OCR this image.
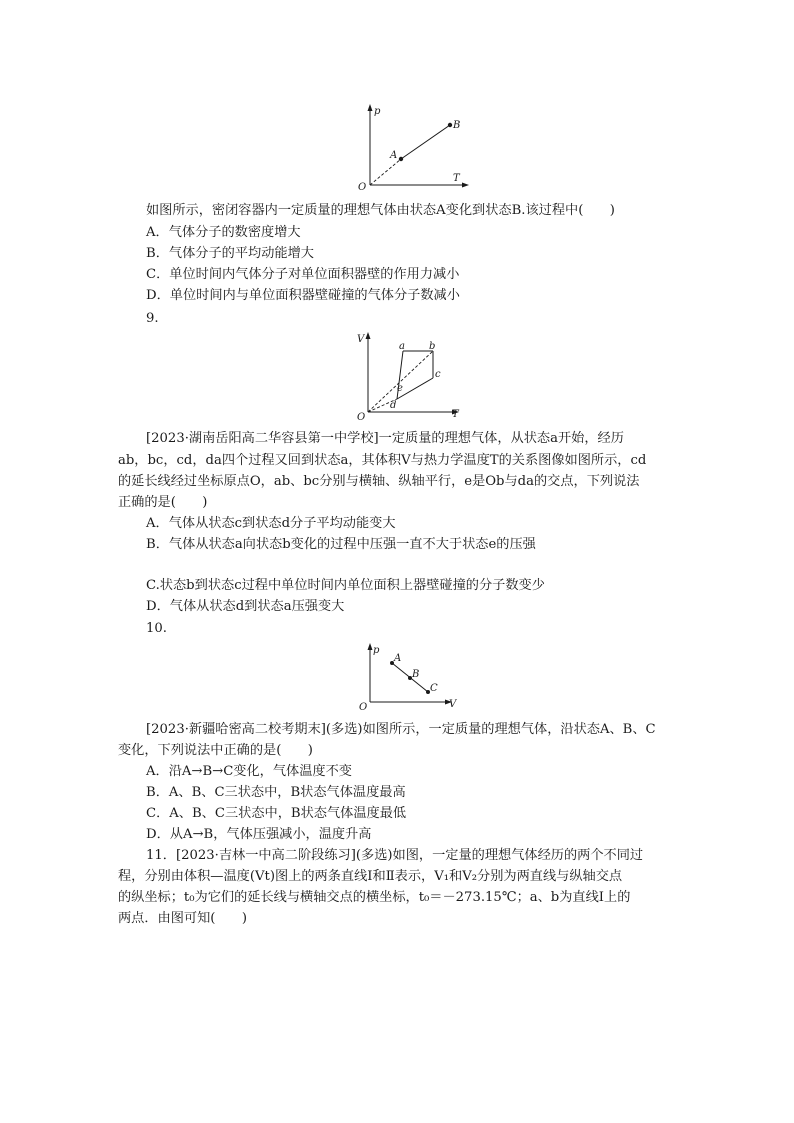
p
T
O
A
B
如图所示，密闭容器内一定质量的理想气体由状态A变化到状态B.该过程中(　　)
A．气体分子的数密度增大
B．气体分子的平均动能增大
C．单位时间内气体分子对单位面积器壁的作用力减小
D．单位时间内与单位面积器壁碰撞的气体分子数减小
9.
V
T
O
a b
c
d
e
[2023·湖南岳阳高二华容县第一中学校]一定质量的理想气体，从状态a开始，经历
ab，bc，cd，da四个过程又回到状态a，其体积V与热力学温度T的关系图像如图所示，cd
的延长线经过坐标原点O，ab、bc分别与横轴、纵轴平行，e是Ob与da的交点，下列说法
正确的是(　　)
A．气体从状态c到状态d分子平均动能变大
B．气体从状态a向状态b变化的过程中压强一直不大于状态e的压强
C.状态b到状态c过程中单位时间内单位面积上器壁碰撞的分子数变少
D．气体从状态d到状态a压强变大
10.
p
V
O
A
B
C
[2023·新疆哈密高二校考期末](多选)如图所示，一定质量的理想气体，沿状态A、B、C
变化，下列说法中正确的是(　　)
A．沿A→B→C变化，气体温度不变
B．A、B、C三状态中，B状态气体温度最高
C．A、B、C三状态中，B状态气体温度最低
D．从A→B，气体压强减小，温度升高
11．[2023·吉林一中高二阶段练习](多选)如图，一定量的理想气体经历的两个不同过
程，分别由体积—温度(Vt)图上的两条直线Ⅰ和Ⅱ表示，V₁和V₂分别为两直线与纵轴交点
的纵坐标；t₀为它们的延长线与横轴交点的横坐标，t₀＝－273.15℃；a、b为直线Ⅰ上的
两点．由图可知(　　)
